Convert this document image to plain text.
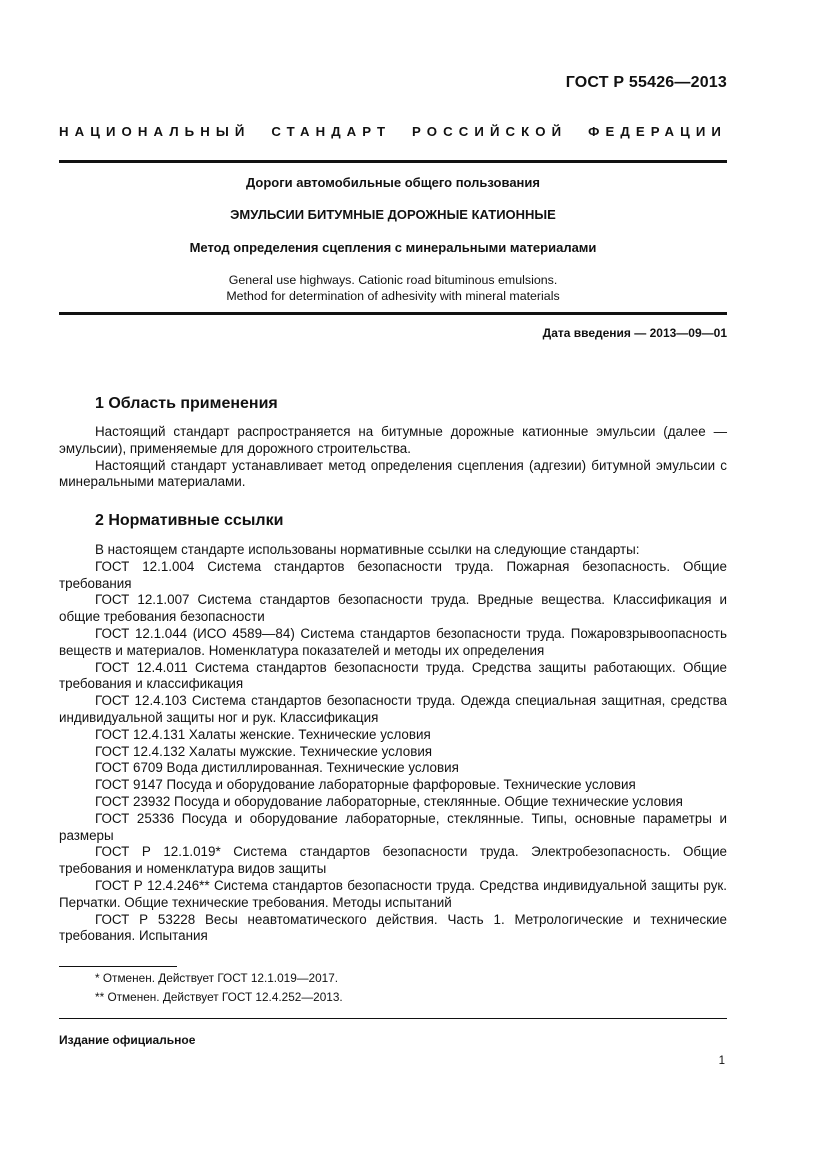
ГОСТ Р 55426—2013
НАЦИОНАЛЬНЫЙ СТАНДАРТ РОССИЙСКОЙ ФЕДЕРАЦИИ
Дороги автомобильные общего пользования
ЭМУЛЬСИИ БИТУМНЫЕ ДОРОЖНЫЕ КАТИОННЫЕ
Метод определения сцепления с минеральными материалами
General use highways. Cationic road bituminous emulsions.
Method for determination of adhesivity with mineral materials
Дата введения — 2013—09—01
1 Область применения
Настоящий стандарт распространяется на битумные дорожные катионные эмульсии (далее — эмульсии), применяемые для дорожного строительства.
Настоящий стандарт устанавливает метод определения сцепления (адгезии) битумной эмульсии с минеральными материалами.
2 Нормативные ссылки
В настоящем стандарте использованы нормативные ссылки на следующие стандарты:
ГОСТ 12.1.004 Система стандартов безопасности труда. Пожарная безопасность. Общие требования
ГОСТ 12.1.007 Система стандартов безопасности труда. Вредные вещества. Классификация и общие требования безопасности
ГОСТ 12.1.044 (ИСО 4589—84) Система стандартов безопасности труда. Пожаровзрывоопасность веществ и материалов. Номенклатура показателей и методы их определения
ГОСТ 12.4.011 Система стандартов безопасности труда. Средства защиты работающих. Общие требования и классификация
ГОСТ 12.4.103 Система стандартов безопасности труда. Одежда специальная защитная, средства индивидуальной защиты ног и рук. Классификация
ГОСТ 12.4.131 Халаты женские. Технические условия
ГОСТ 12.4.132 Халаты мужские. Технические условия
ГОСТ 6709 Вода дистиллированная. Технические условия
ГОСТ 9147 Посуда и оборудование лабораторные фарфоровые. Технические условия
ГОСТ 23932 Посуда и оборудование лабораторные, стеклянные. Общие технические условия
ГОСТ 25336 Посуда и оборудование лабораторные, стеклянные. Типы, основные параметры и размеры
ГОСТ Р 12.1.019* Система стандартов безопасности труда. Электробезопасность. Общие требования и номенклатура видов защиты
ГОСТ Р 12.4.246** Система стандартов безопасности труда. Средства индивидуальной защиты рук. Перчатки. Общие технические требования. Методы испытаний
ГОСТ Р 53228 Весы неавтоматического действия. Часть 1. Метрологические и технические требования. Испытания
* Отменен. Действует ГОСТ 12.1.019—2017.
** Отменен. Действует ГОСТ 12.4.252—2013.
Издание официальное
1
